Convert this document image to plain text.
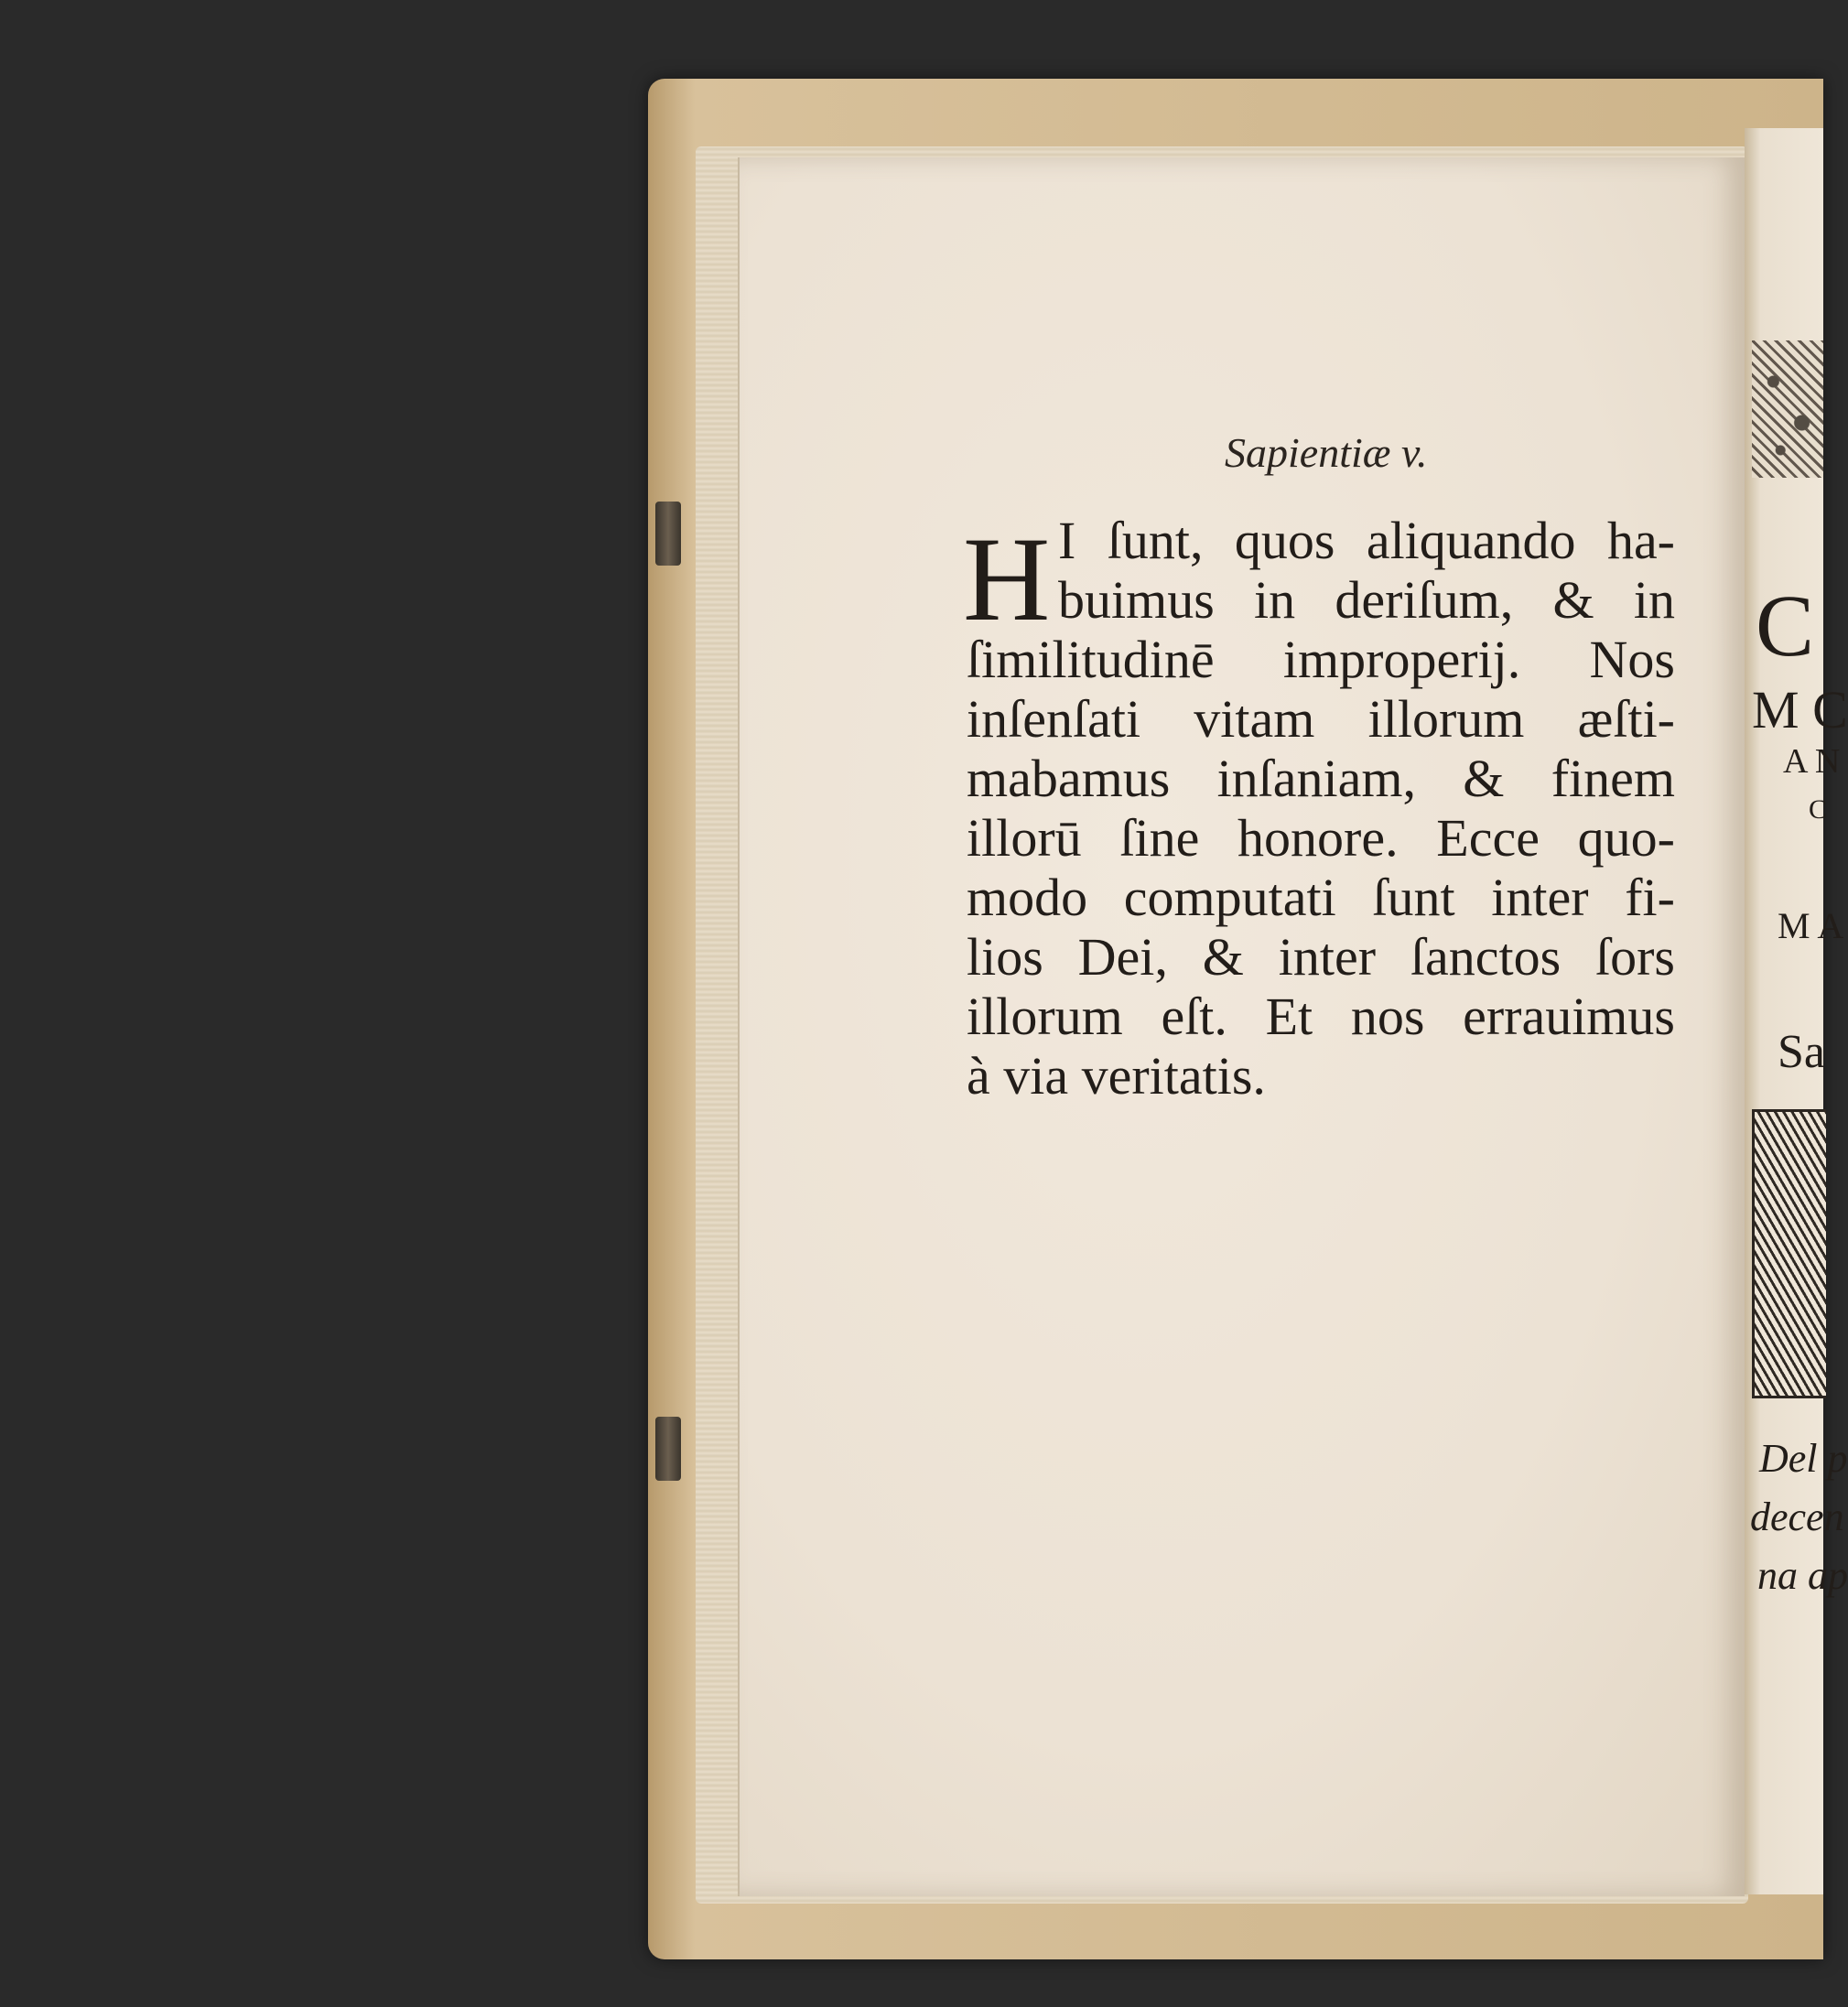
Sapientiæ v.
H I ſunt, quos aliquando ha-
buimus in deriſum, & in
ſimilitudinē improperij. Nos
inſenſati vitam illorum æſti-
mabamus inſaniam, & finem
illorū ſine honore. Ecce quo-
modo computati ſunt inter fi-
lios Dei, & inter ſanctos ſors
illorum eſt. Et nos errauimus
à via veritatis.
C
M C
A N
C
M A
Sa
Del p
decen
na ap
